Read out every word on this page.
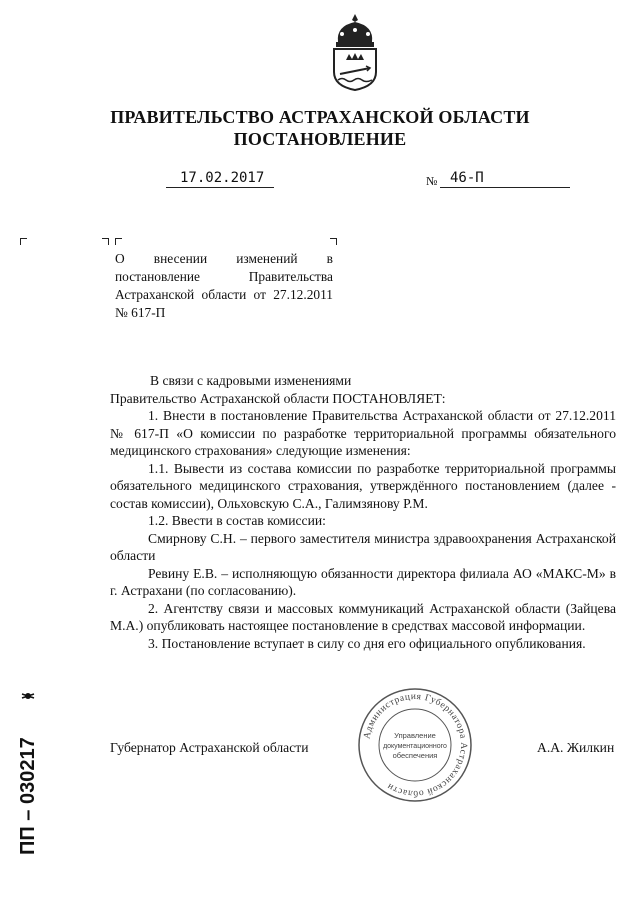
ПРАВИТЕЛЬСТВО АСТРАХАНСКОЙ ОБЛАСТИ
ПОСТАНОВЛЕНИЕ
17.02.2017	№ 46-П
О внесении изменений в постановление Правительства Астраханской области от 27.12.2011 № 617-П

В связи с кадровыми изменениями

Правительство Астраханской области ПОСТАНОВЛЯЕТ:

1. Внести в постановление Правительства Астраханской области от 27.12.2011 № 617-П «О комиссии по разработке территориальной программы обязательного медицинского страхования» следующие изменения:

1.1. Вывести из состава комиссии по разработке территориальной программы обязательного медицинского страхования, утверждённого постановлением (далее - состав комиссии), Ольховскую С.А., Галимзянову Р.М.

1.2. Ввести в состав комиссии:

Смирнову С.Н. – первого заместителя министра здравоохранения Астраханской области

Ревину Е.В. – исполняющую обязанности директора филиала АО «МАКС-М» в г. Астрахани (по согласованию).

2. Агентству связи и массовых коммуникаций Астраханской области (Зайцева М.А.) опубликовать настоящее постановление в средствах массовой информации.

3. Постановление вступает в силу со дня его официального опубликования.

Губернатор Астраханской области	А.А. Жилкин
Администрация Губернатора Астраханской области
Управление
документационного
обеспечения
ПП – 030217
